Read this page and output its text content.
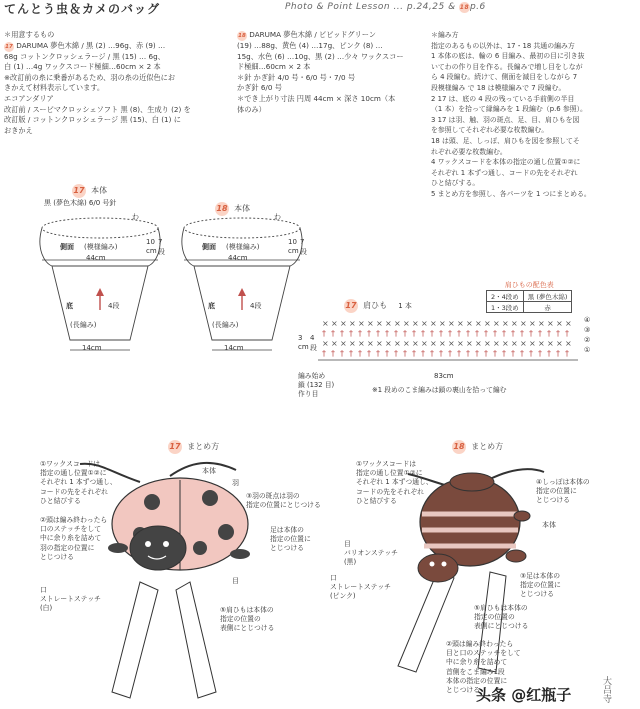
てんとう虫＆カメのバッグ	Photo & Point Lesson ... p.24,25 & 18p.6

＊用意するもの

17 DARUMA 夢色木綿 / 黒 (2) …96g、赤 (9) …

68g コットンクロッシェラージ / 黒 (15) … 6g、

白 (1) …4g ワックスコード極細…60cm × 2 本

※改訂前の糸に乗番があるため、羽の糸の近似色にお

きかえて材料表示しています。

エコアンダリア

改訂前 / スービマクロッシェソフト 黒 (8)、生成り (2) を

改訂版 / コットンクロッシェラージ 黒 (15)、白 (1) に

おきかえ

18 DARUMA 夢色木綿 / ビビッドグリーン

(19) …88g、黄色 (4) …17g、ピンク (8) …

15g、水色 (6) …10g、黒 (2) …少々 ワックスコー

ド極細…60cm × 2 本

＊針 かぎ針 4/0 号・6/0 号・7/0 号

かぎ針 6/0 号

＊でき上がり寸法 円周 44cm × 深さ 10cm（本

体のみ）

＊編み方

指定のあるもの以外は、17・18 共通の編み方

1 本体の底は、輪の 6 目編み、最初の目に引き抜

いてわの作り目を作る。長編みで増し目をしなが

ら 4 段編む。続けて、側面を減目をしながら 7

段模様編み で 18 は模様編みで 7 段編む。

2 17 は、底の 4 段の残っている手前側の半目

（1 本）を拾って縁編みを 1 段編む（p.6 参照）。

3 17 は羽、触、羽の斑点、足、目、肩ひもを図

を参照してそれぞれ必要な枚数編む。

18 は頭、足、しっぽ、肩ひもを図を参照してそ

れぞれ必要な枚数編む。

4 ワックスコードを本体の指定の通し位置①②に

それぞれ 1 本ずつ通し、コードの先をそれぞれ

ひと結びする。

5 まとめ方を参照し、各パーツを 1 つにまとめる。

17 本体
黒 (夢色木綿) 6/0 号針
わ
側面 (模様編み)
44cm
10
cm
7
段
底	4段
(長編み)
14cm
18 本体
わ
側面 (模様編み)
44cm
10
cm
7
段
底	4段
(長編み)
14cm
17 肩ひも 1 本
肩ひもの配色表
2・4段め	黒 (夢色木綿)
1・3段め	赤
× × × × × × × × × × × × × × × × × × × × × × × × × × × ×
† † † † † † † † † † † † † † † † † † † † † † † † † † † †
× × × × × × × × × × × × × × × × × × × × × × × × × × × ×
† † † † † † † † † † † † † † † † † † † † † † † † † † † †
④
③
②
①
3
cm
4
段
83cm
編み始め
鎖 (132 目)
作り目
※1 段めのこま編みは鎖の裏山を拾って編む
17 まとめ方
①ワックスコードは
指定の通し位置①②に
それぞれ 1 本ずつ通し、
コードの先をそれぞれ
ひと結びする
本体
羽
③羽の斑点は羽の
指定の位置にとじつける
②頭は編み終わったら
口のステッチをして
中に余り糸を詰めて
羽の指定の位置に
とじつける
足は本体の
指定の位置に
とじつける
口
ストレートステッチ
(白)
目
⑤肩ひもは本体の
指定の位置の
表側にとじつける
18 まとめ方
①ワックスコードは
指定の通し位置①②に
それぞれ 1 本ずつ通し、
コードの先をそれぞれ
ひと結びする
④しっぽは本体の
指定の位置に
とじつける
本体
目
バリオンステッチ
(黒)
口
ストレートステッチ
(ピンク)
③足は本体の
指定の位置に
とじつける
⑤肩ひもは本体の
指定の位置の
表側にとじつける
②頭は編み終わったら
目と口のステッチをして
中に余り糸を詰めて
首側をこま編み1段
本体の指定の位置に
とじつける
头条 @红瓶子	大吕寺
